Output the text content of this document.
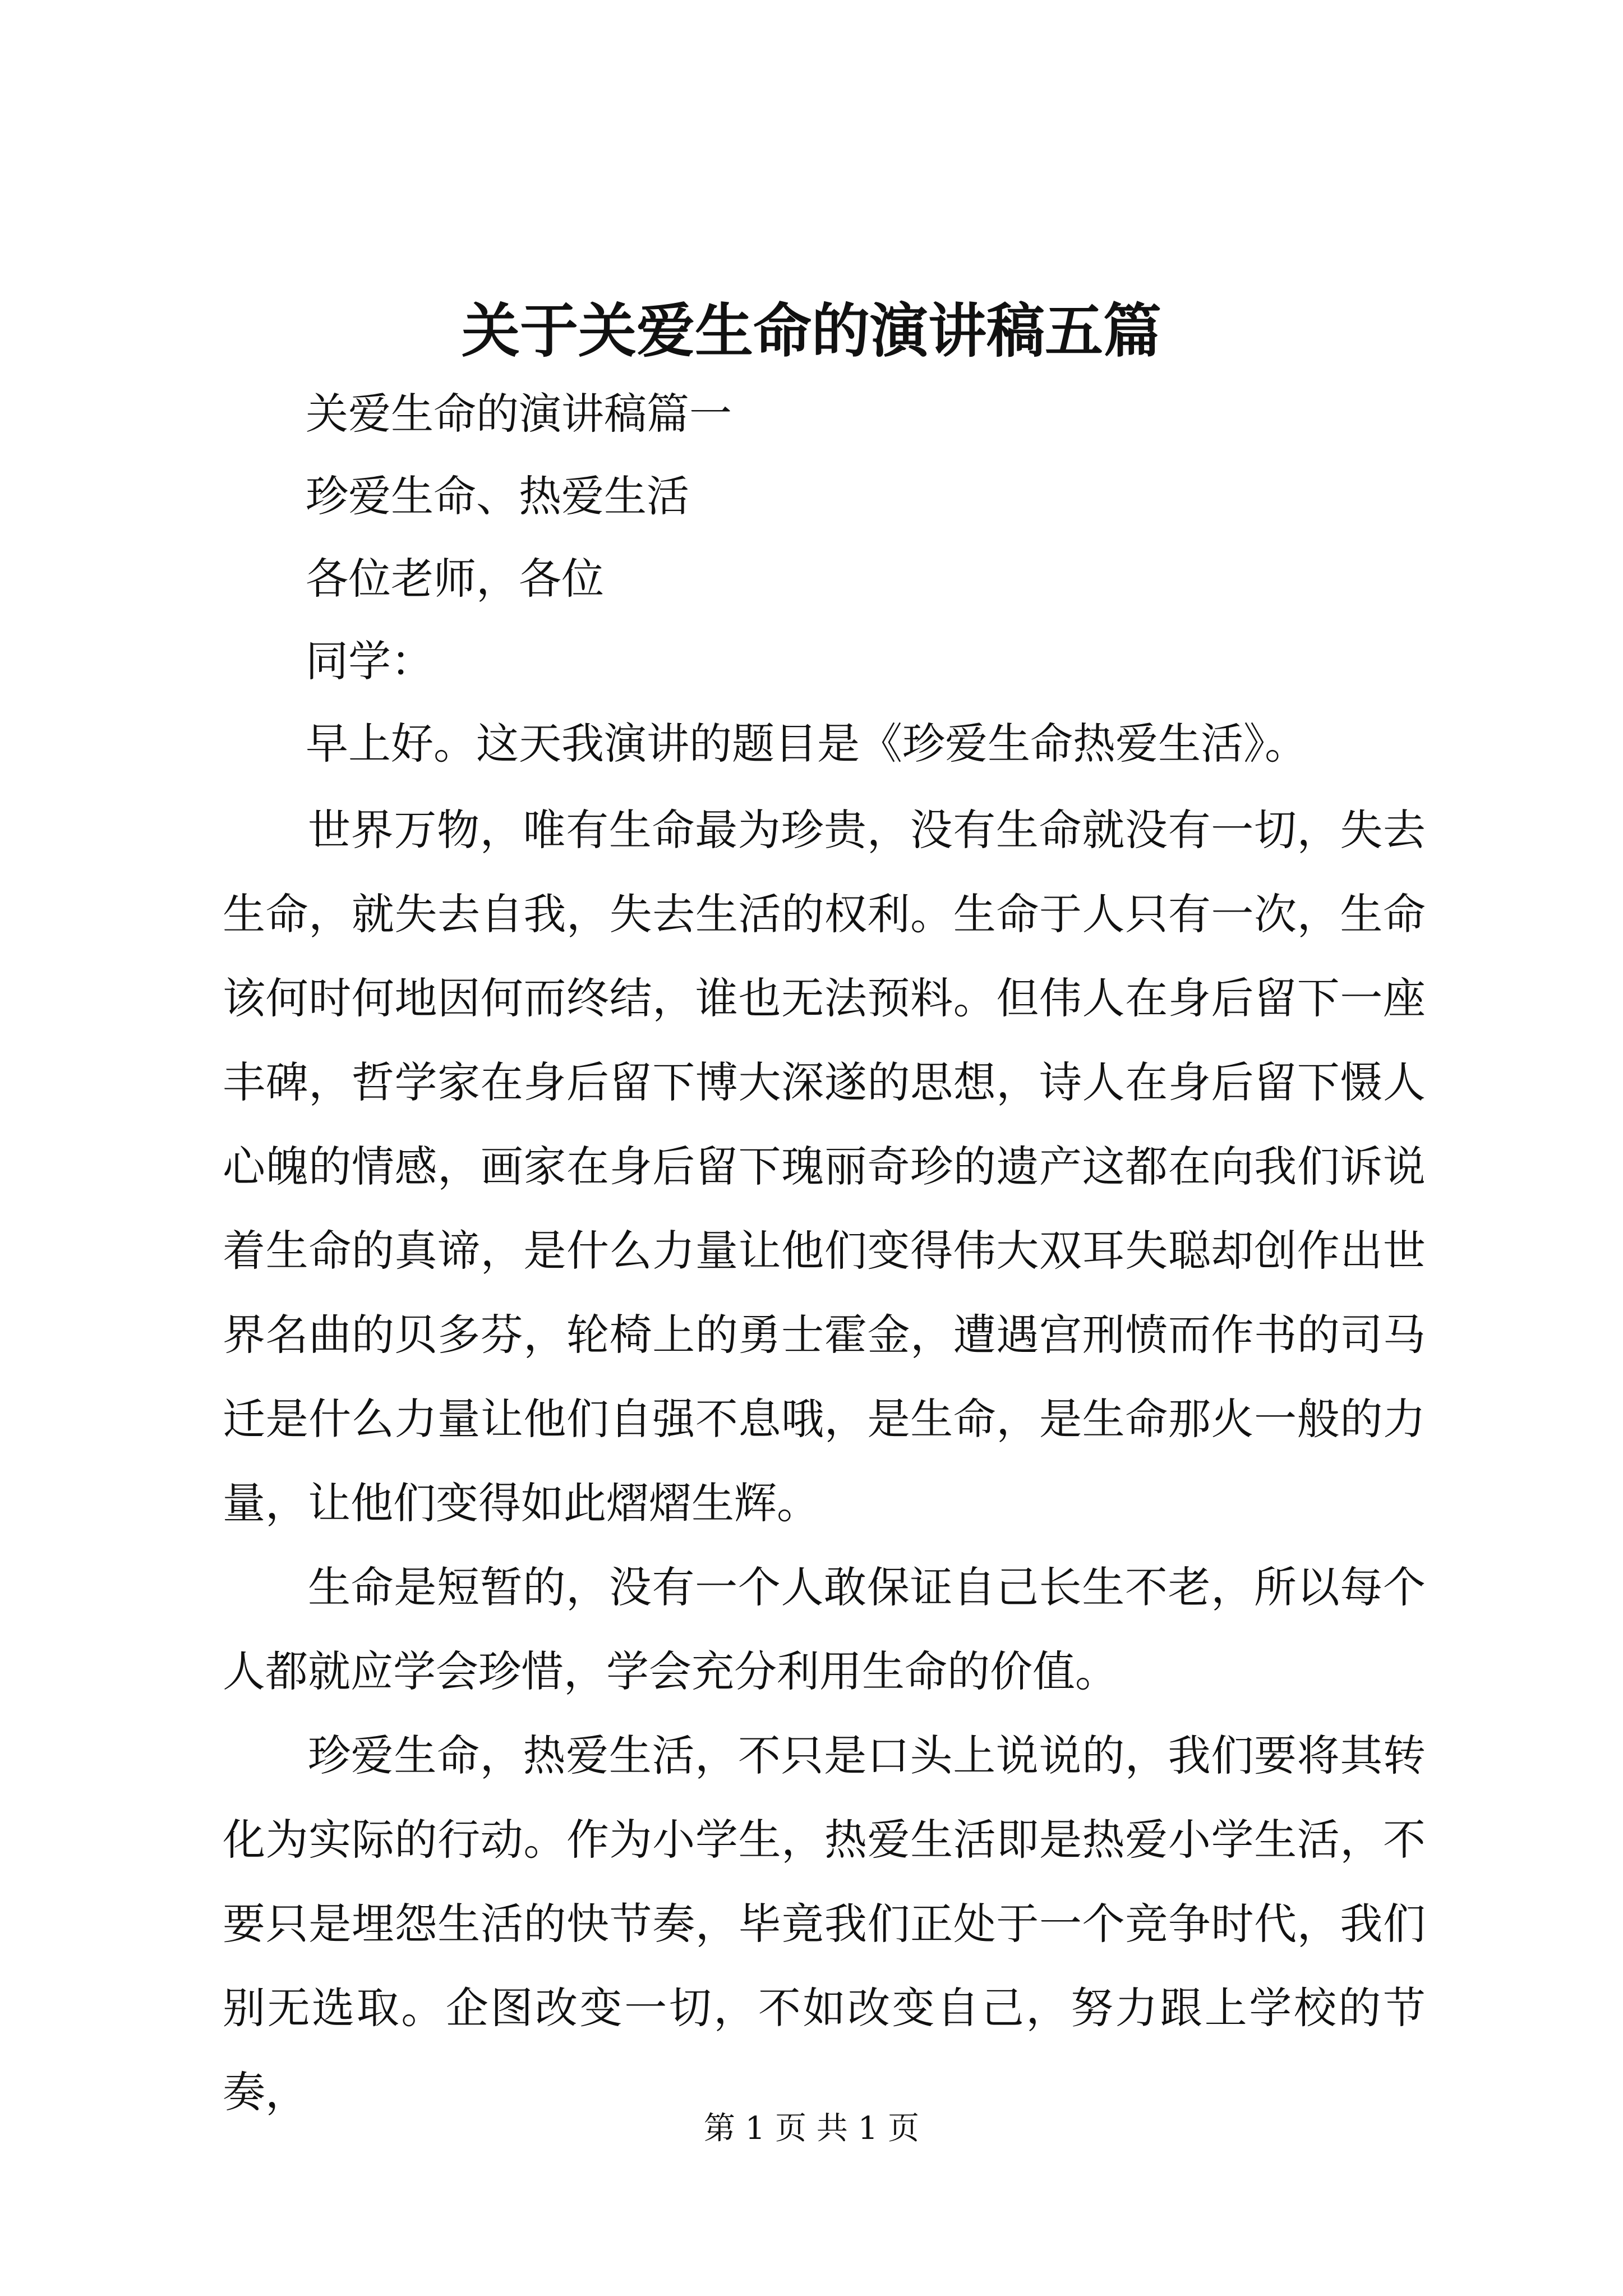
关于关爱生命的演讲稿五篇

关爱生命的演讲稿篇一

珍爱生命、热爱生活

各位老师，各位

同学：

早上好。这天我演讲的题目是《珍爱生命热爱生活》。

世界万物，唯有生命最为珍贵，没有生命就没有一切，失去生命，就失去自我，失去生活的权利。生命于人只有一次，生命该何时何地因何而终结，谁也无法预料。但伟人在身后留下一座丰碑，哲学家在身后留下博大深遂的思想，诗人在身后留下慑人心魄的情感，画家在身后留下瑰丽奇珍的遗产这都在向我们诉说着生命的真谛，是什么力量让他们变得伟大双耳失聪却创作出世界名曲的贝多芬，轮椅上的勇士霍金，遭遇宫刑愤而作书的司马迁是什么力量让他们自强不息哦，是生命，是生命那火一般的力量，让他们变得如此熠熠生辉。

生命是短暂的，没有一个人敢保证自己长生不老，所以每个人都就应学会珍惜，学会充分利用生命的价值。

珍爱生命，热爱生活，不只是口头上说说的，我们要将其转化为实际的行动。作为小学生，热爱生活即是热爱小学生活，不要只是埋怨生活的快节奏，毕竟我们正处于一个竞争时代，我们别无选取。企图改变一切，不如改变自己，努力跟上学校的节奏，

第 1 页 共 1 页
